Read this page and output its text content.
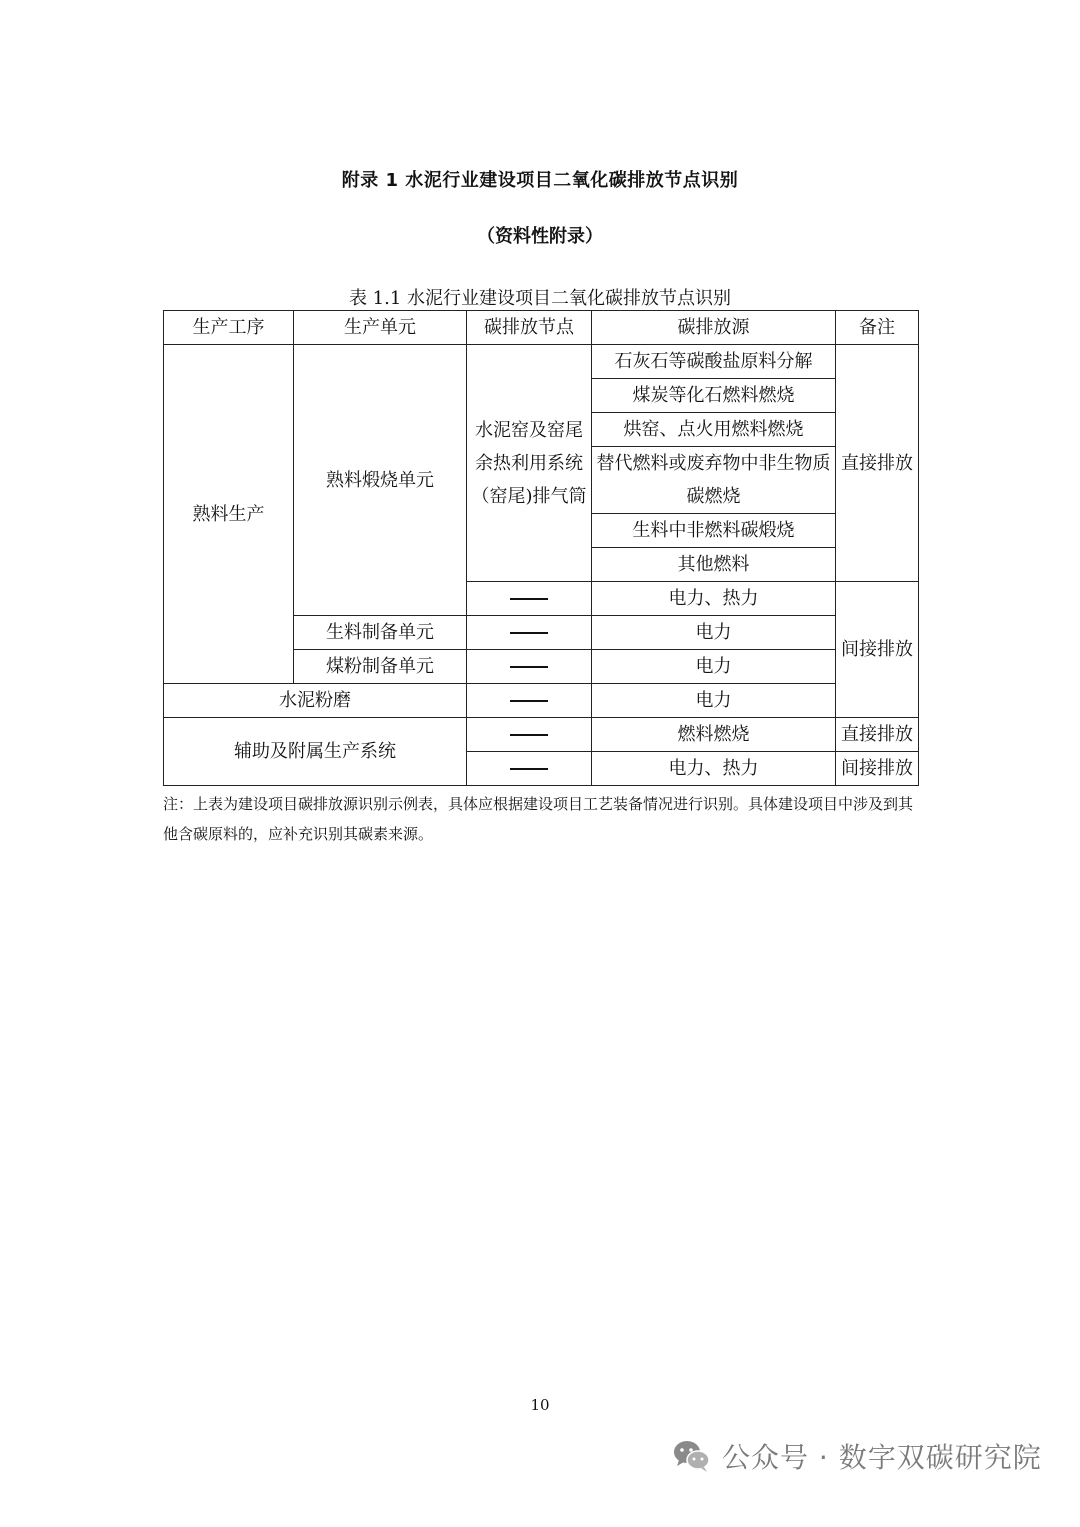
附录 1 水泥行业建设项目二氧化碳排放节点识别
（资料性附录）
表 1.1 水泥行业建设项目二氧化碳排放节点识别
生产工序	生产单元	碳排放节点	碳排放源	备注
熟料生产	熟料煅烧单元	水泥窑及窑尾余热利用系统（窑尾)排气筒	石灰石等碳酸盐原料分解	直接排放
			煤炭等化石燃料燃烧	
			烘窑、点火用燃料燃烧	
			替代燃料或废弃物中非生物质碳燃烧	

			生料中非燃料碳煅烧	
			其他燃料	
			电力、热力	间接排放
	生料制备单元		电力	
	煤粉制备单元		电力	
水泥粉磨			电力	
辅助及附属生产系统			燃料燃烧	直接排放
			电力、热力	间接排放
注：上表为建设项目碳排放源识别示例表，具体应根据建设项目工艺装备情况进行识别。具体建设项目中涉及到其他含碳原料的，应补充识别其碳素来源。
10
公众号 · 数字双碳研究院
